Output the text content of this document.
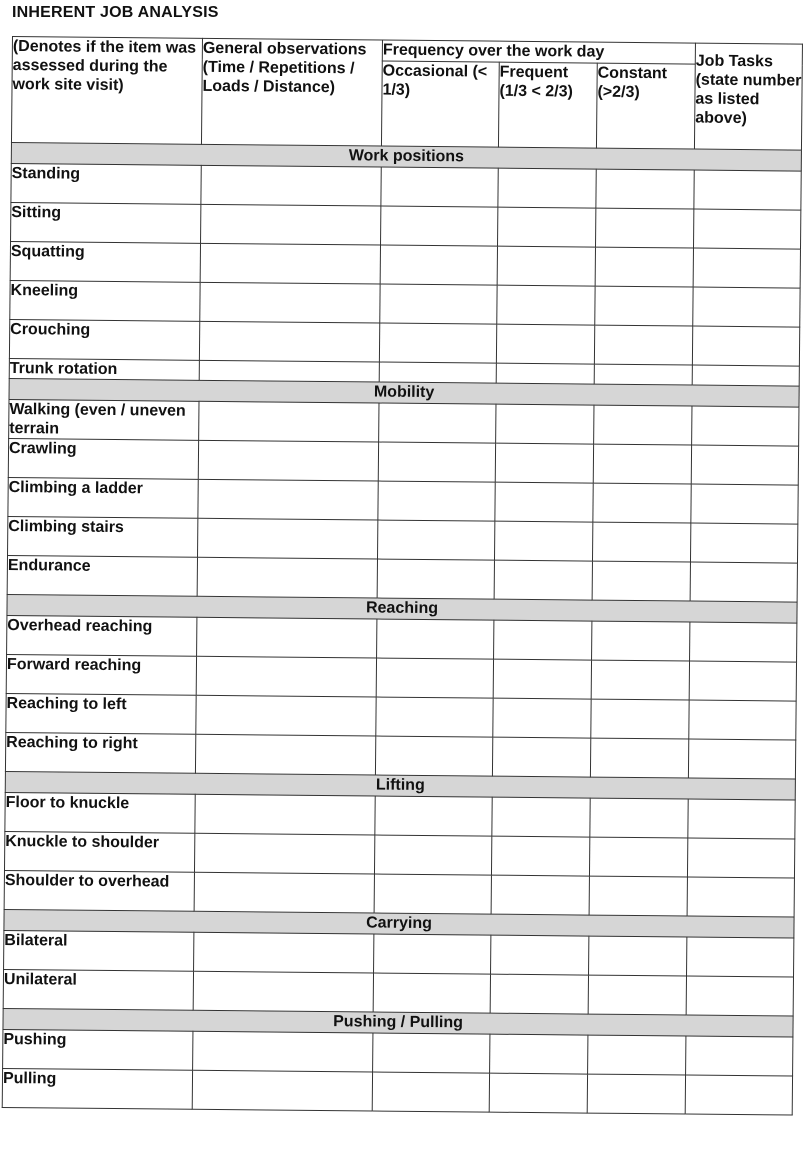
INHERENT JOB ANALYSIS
(Denotes if the item was assessed during the work site visit)	General observations (Time / Repetitions / Loads / Distance)	Frequency over the work day			Job Tasks (state number as listed above)
		Occasional (< 1/3)	Frequent (1/3 < 2/3)	Constant (>2/3)	
Work positions					
Standing					
Sitting					
Squatting					
Kneeling					
Crouching					
Trunk rotation					
Mobility					
Walking (even / uneven terrain					
Crawling					
Climbing a ladder					
Climbing stairs					
Endurance					
Reaching					
Overhead reaching					
Forward reaching					
Reaching to left					
Reaching to right					
Lifting					
Floor to knuckle					
Knuckle to shoulder					
Shoulder to overhead					
Carrying					
Bilateral					
Unilateral					
Pushing / Pulling					
Pushing					
Pulling					
